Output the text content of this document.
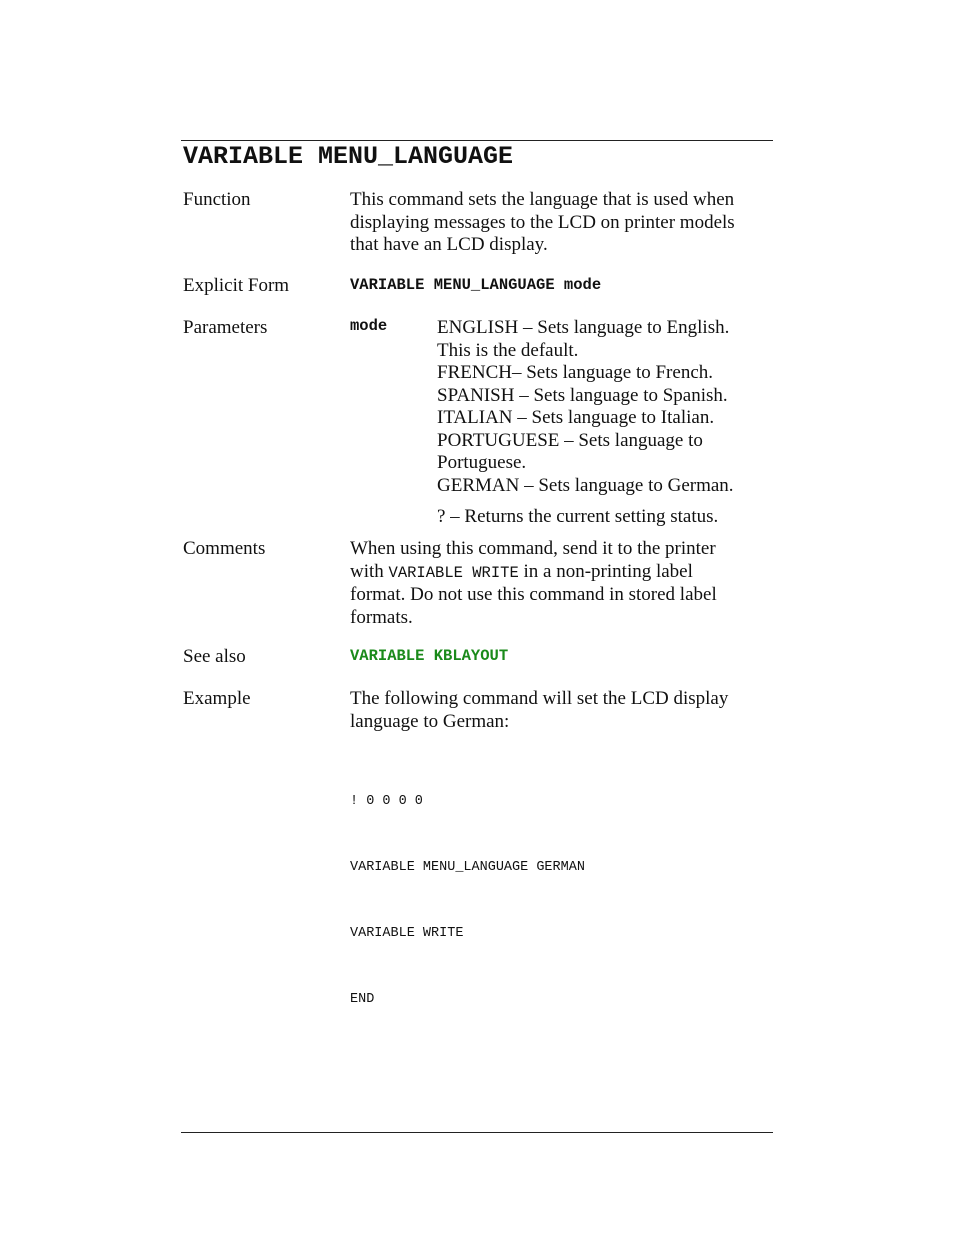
VARIABLE MENU_LANGUAGE
Function	This command sets the language that is used when
displaying messages to the LCD on printer models
that have an LCD display.
Explicit Form	VARIABLE MENU_LANGUAGE mode
Parameters	mode	ENGLISH – Sets language to English.
This is the default.
FRENCH– Sets language to French.
SPANISH – Sets language to Spanish.
ITALIAN – Sets language to Italian.
PORTUGUESE – Sets language to
Portuguese.
GERMAN – Sets language to German.
? – Returns the current setting status.
Comments	When using this command, send it to the printer
with VARIABLE WRITE in a non-printing label
format. Do not use this command in stored label
formats.
See also	VARIABLE KBLAYOUT
Example	The following command will set the LCD display
language to German:

! 0 0 0 0

VARIABLE MENU_LANGUAGE GERMAN

VARIABLE WRITE

END
